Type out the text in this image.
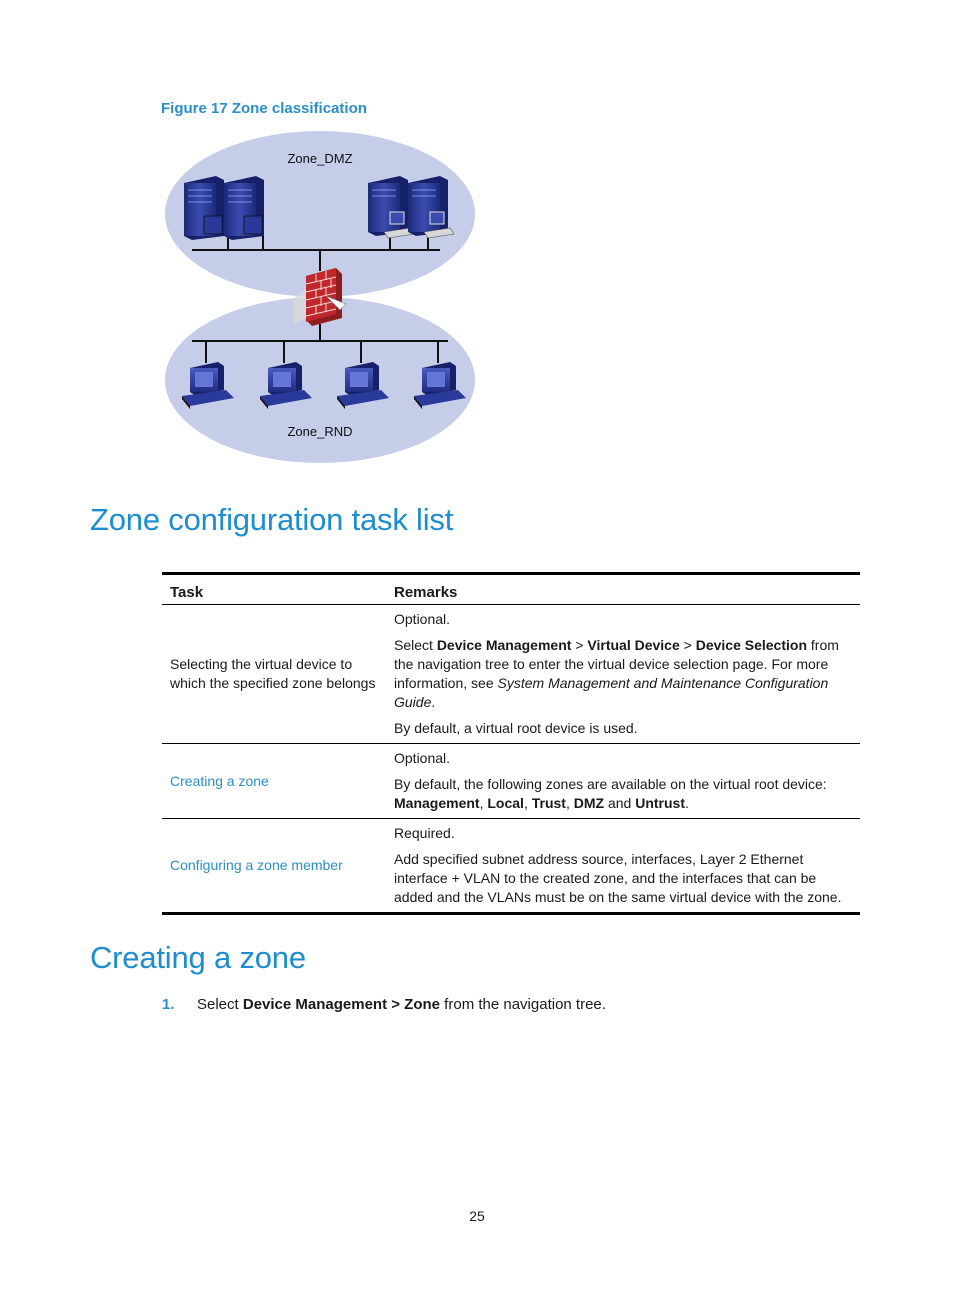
Figure 17 Zone classification
Zone_DMZ
Zone_RND
Zone configuration task list
Task	Remarks
Selecting the virtual device to which the specified zone belongs	Optional.

Select Device Management > Virtual Device > Device Selection from the navigation tree to enter the virtual device selection page. For more information, see System Management and Maintenance Configuration Guide.

By default, a virtual root device is used.

Creating a zone	Optional.

By default, the following zones are available on the virtual root device: Management, Local, Trust, DMZ and Untrust.

Configuring a zone member	Required.

Add specified subnet address source, interfaces, Layer 2 Ethernet interface + VLAN to the created zone, and the interfaces that can be added and the VLANs must be on the same virtual device with the zone.

Creating a zone
1. Select Device Management > Zone from the navigation tree.
25
